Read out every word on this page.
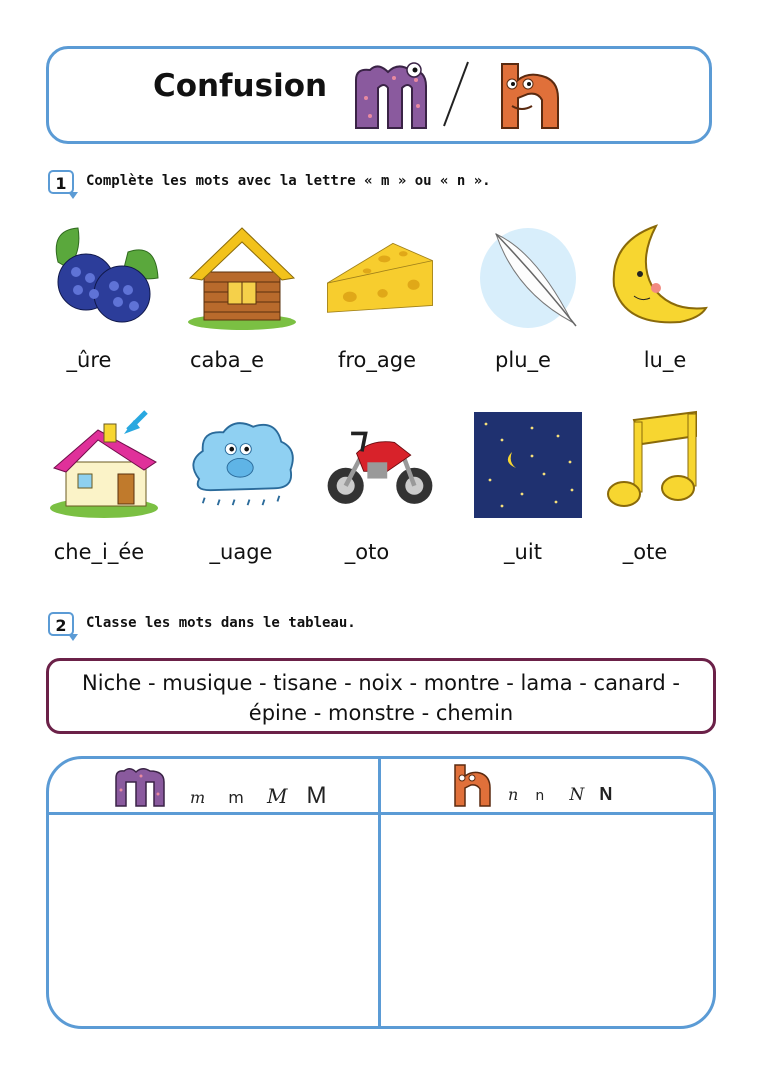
Confusion
1	Complète les mots avec la lettre « m » ou « n ».
_ûre	caba_e	fro_age	plu_e	lu_e
che_i_ée	_uage	_oto	_uit	_ote
2	Classe les mots dans le tableau.
Niche - musique - tisane - noix - montre - lama - canard -
épine - monstre - chemin
m m M M	n n N N
